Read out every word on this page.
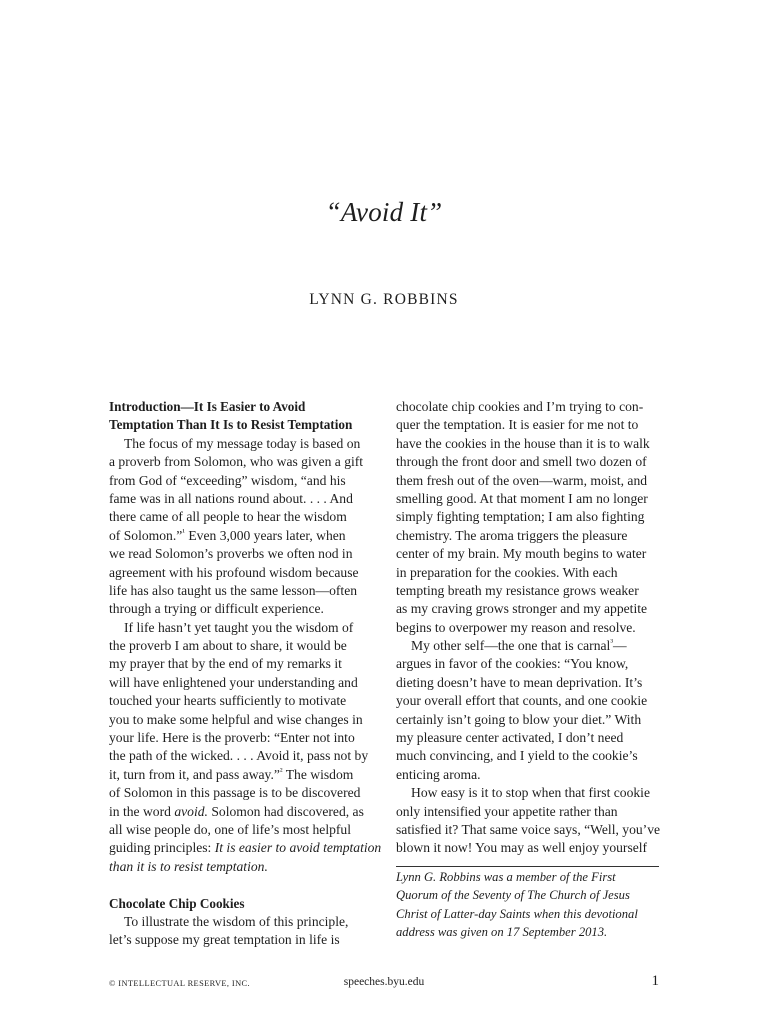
“Avoid It”
LYNN G. ROBBINS
Introduction—It Is Easier to Avoid
Temptation Than It Is to Resist Temptation
The focus of my message today is based on
a proverb from Solomon, who was given a gift
from God of “exceeding” wisdom, “and his
fame was in all nations round about. . . . And
there came of all people to hear the wisdom
of Solomon.”$^{^1}$ Even 3,000 years later, when
we read Solomon’s proverbs we often nod in
agreement with his profound wisdom because
life has also taught us the same lesson—often
through a trying or difficult experience.
If life hasn’t yet taught you the wisdom of
the proverb I am about to share, it would be
my prayer that by the end of my remarks it
will have enlightened your understanding and
touched your hearts sufficiently to motivate
you to make some helpful and wise changes in
your life. Here is the proverb: “Enter not into
the path of the wicked. . . . Avoid it, pass not by
it, turn from it, and pass away.”$^{^2}$ The wisdom
of Solomon in this passage is to be discovered
in the word avoid. Solomon had discovered, as
all wise people do, one of life’s most helpful
guiding principles: It is easier to avoid temptation
than it is to resist temptation.
Chocolate Chip Cookies
To illustrate the wisdom of this principle,
let’s suppose my great temptation in life is
chocolate chip cookies and I’m trying to con-
quer the temptation. It is easier for me not to
have the cookies in the house than it is to walk
through the front door and smell two dozen of
them fresh out of the oven—warm, moist, and
smelling good. At that moment I am no longer
simply fighting temptation; I am also fighting
chemistry. The aroma triggers the pleasure
center of my brain. My mouth begins to water
in preparation for the cookies. With each
tempting breath my resistance grows weaker
as my craving grows stronger and my appetite
begins to overpower my reason and resolve.
My other self—the one that is carnal$^{^3}$—
argues in favor of the cookies: “You know,
dieting doesn’t have to mean deprivation. It’s
your overall effort that counts, and one cookie
certainly isn’t going to blow your diet.” With
my pleasure center activated, I don’t need
much convincing, and I yield to the cookie’s
enticing aroma.
How easy is it to stop when that first cookie
only intensified your appetite rather than
satisfied it? That same voice says, “Well, you’ve
blown it now! You may as well enjoy yourself
Lynn G. Robbins was a member of the First
Quorum of the Seventy of The Church of Jesus
Christ of Latter-day Saints when this devotional
address was given on 17 September 2013.
© INTELLECTUAL RESERVE, INC.	speeches.byu.edu	1
